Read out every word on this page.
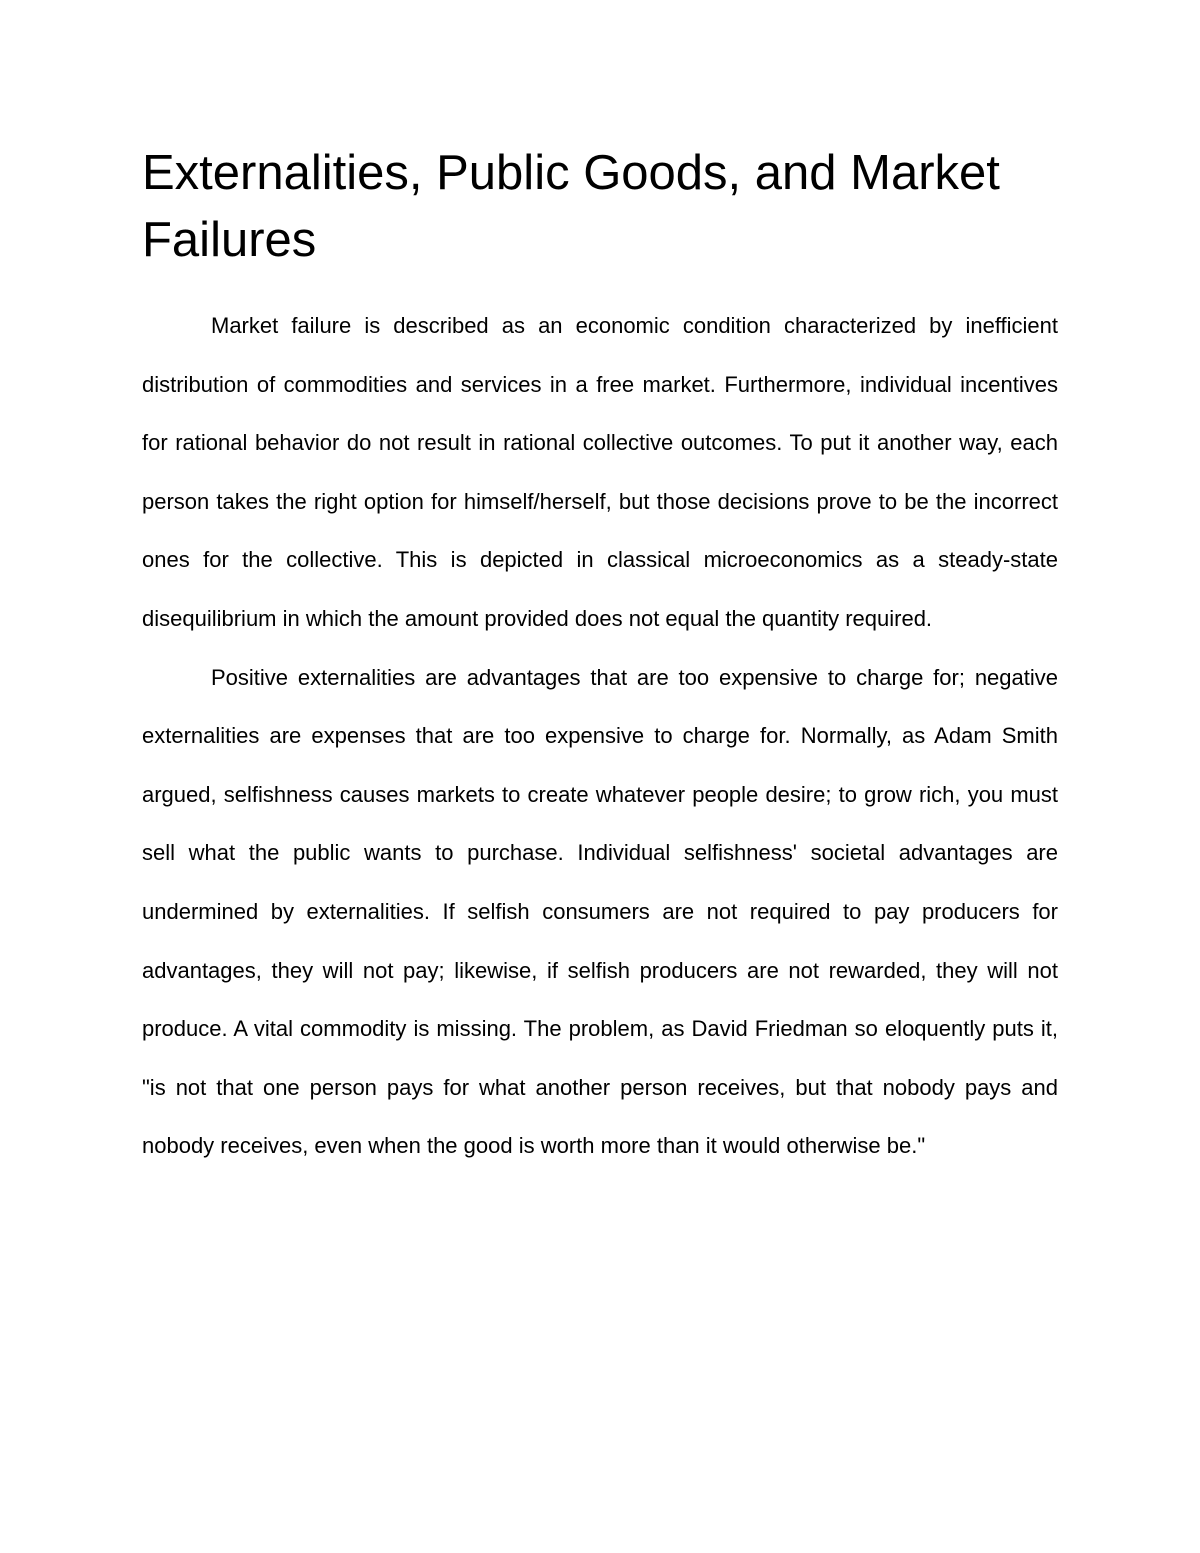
Externalities, Public Goods, and Market Failures

Market failure is described as an economic condition characterized by inefficient distribution of commodities and services in a free market. Furthermore, individual incentives for rational behavior do not result in rational collective outcomes. To put it another way, each person takes the right option for himself/herself, but those decisions prove to be the incorrect ones for the collective. This is depicted in classical microeconomics as a steady-state disequilibrium in which the amount provided does not equal the quantity required.

Positive externalities are advantages that are too expensive to charge for; negative externalities are expenses that are too expensive to charge for. Normally, as Adam Smith argued, selfishness causes markets to create whatever people desire; to grow rich, you must sell what the public wants to purchase. Individual selfishness' societal advantages are undermined by externalities. If selfish consumers are not required to pay producers for advantages, they will not pay; likewise, if selfish producers are not rewarded, they will not produce. A vital commodity is missing. The problem, as David Friedman so eloquently puts it, "is not that one person pays for what another person receives, but that nobody pays and nobody receives, even when the good is worth more than it would otherwise be."
